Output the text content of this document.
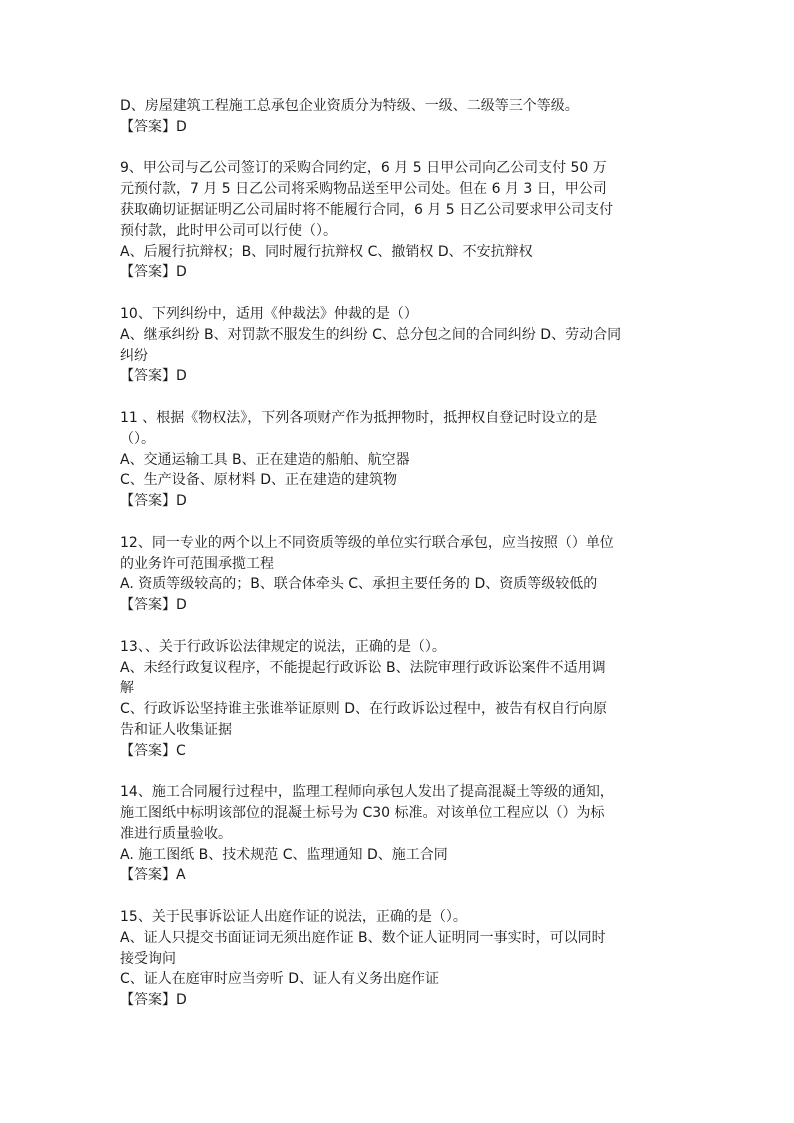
D、房屋建筑工程施工总承包企业资质分为特级、一级、二级等三个等级。
【答案】D
9、甲公司与乙公司签订的采购合同约定，6 月 5 日甲公司向乙公司支付 50 万
元预付款，7 月 5 日乙公司将采购物品送至甲公司处。但在 6 月 3 日，甲公司
获取确切证据证明乙公司届时将不能履行合同，6 月 5 日乙公司要求甲公司支付
预付款，此时甲公司可以行使（）。
A、后履行抗辩权；B、同时履行抗辩权 C、撤销权 D、不安抗辩权
【答案】D
10、下列纠纷中，适用《仲裁法》仲裁的是（）
A、继承纠纷 B、对罚款不服发生的纠纷 C、总分包之间的合同纠纷 D、劳动合同
纠纷
【答案】D
11 、根据《物权法》，下列各项财产作为抵押物时，抵押权自登记时设立的是
（）。
A、交通运输工具 B、正在建造的船舶、航空器
C、生产设备、原材料 D、正在建造的建筑物
【答案】D
12、同一专业的两个以上不同资质等级的单位实行联合承包，应当按照（）单位
的业务许可范围承揽工程
A. 资质等级较高的；B、联合体牵头 C、承担主要任务的 D、资质等级较低的
【答案】D
13、、关于行政诉讼法律规定的说法，正确的是（）。
A、未经行政复议程序，不能提起行政诉讼 B、法院审理行政诉讼案件不适用调
解
C、行政诉讼坚持谁主张谁举证原则 D、在行政诉讼过程中，被告有权自行向原
告和证人收集证据
【答案】C
14、施工合同履行过程中，监理工程师向承包人发出了提高混凝土等级的通知，
施工图纸中标明该部位的混凝土标号为 C30 标准。对该单位工程应以（）为标
准进行质量验收。
A. 施工图纸 B、技术规范 C、监理通知 D、施工合同
【答案】A
15、关于民事诉讼证人出庭作证的说法，正确的是（）。
A、证人只提交书面证词无须出庭作证 B、数个证人证明同一事实时，可以同时
接受询问
C、证人在庭审时应当旁听 D、证人有义务出庭作证
【答案】D
